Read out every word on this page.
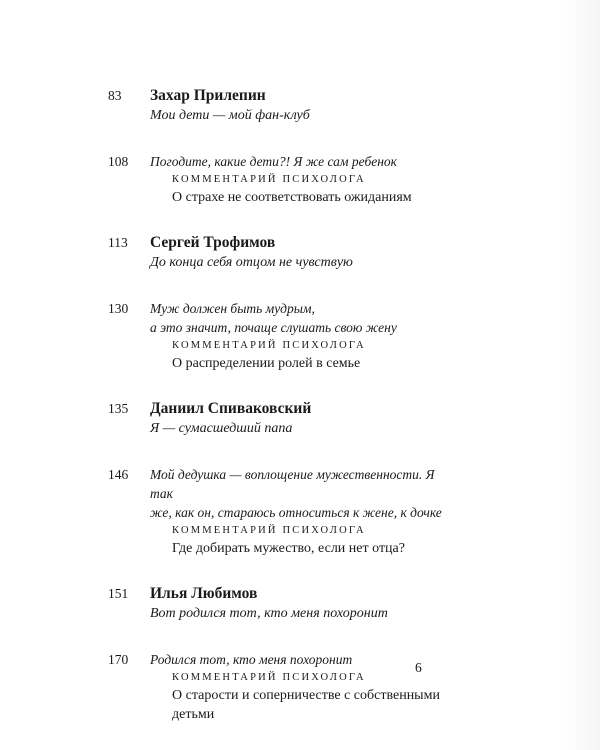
83	Захар Прилепин
Мои дети — мой фан-клуб
108	Погодите, какие дети?! Я же сам ребенок
КОММЕНТАРИЙ ПСИХОЛОГА
О страхе не соответствовать ожиданиям
113	Сергей Трофимов
До конца себя отцом не чувствую
130	Муж должен быть мудрым,
а это значит, почаще слушать свою жену
КОММЕНТАРИЙ ПСИХОЛОГА
О распределении ролей в семье
135	Даниил Спиваковский
Я — сумасшедший папа
146	Мой дедушка — воплощение мужественности. Я так
же, как он, стараюсь относиться к жене, к дочке
КОММЕНТАРИЙ ПСИХОЛОГА
Где добирать мужество, если нет отца?
151	Илья Любимов
Вот родился тот, кто меня похоронит
170	Родился тот, кто меня похоронит
КОММЕНТАРИЙ ПСИХОЛОГА
О старости и соперничестве с собственными
детьми
6
